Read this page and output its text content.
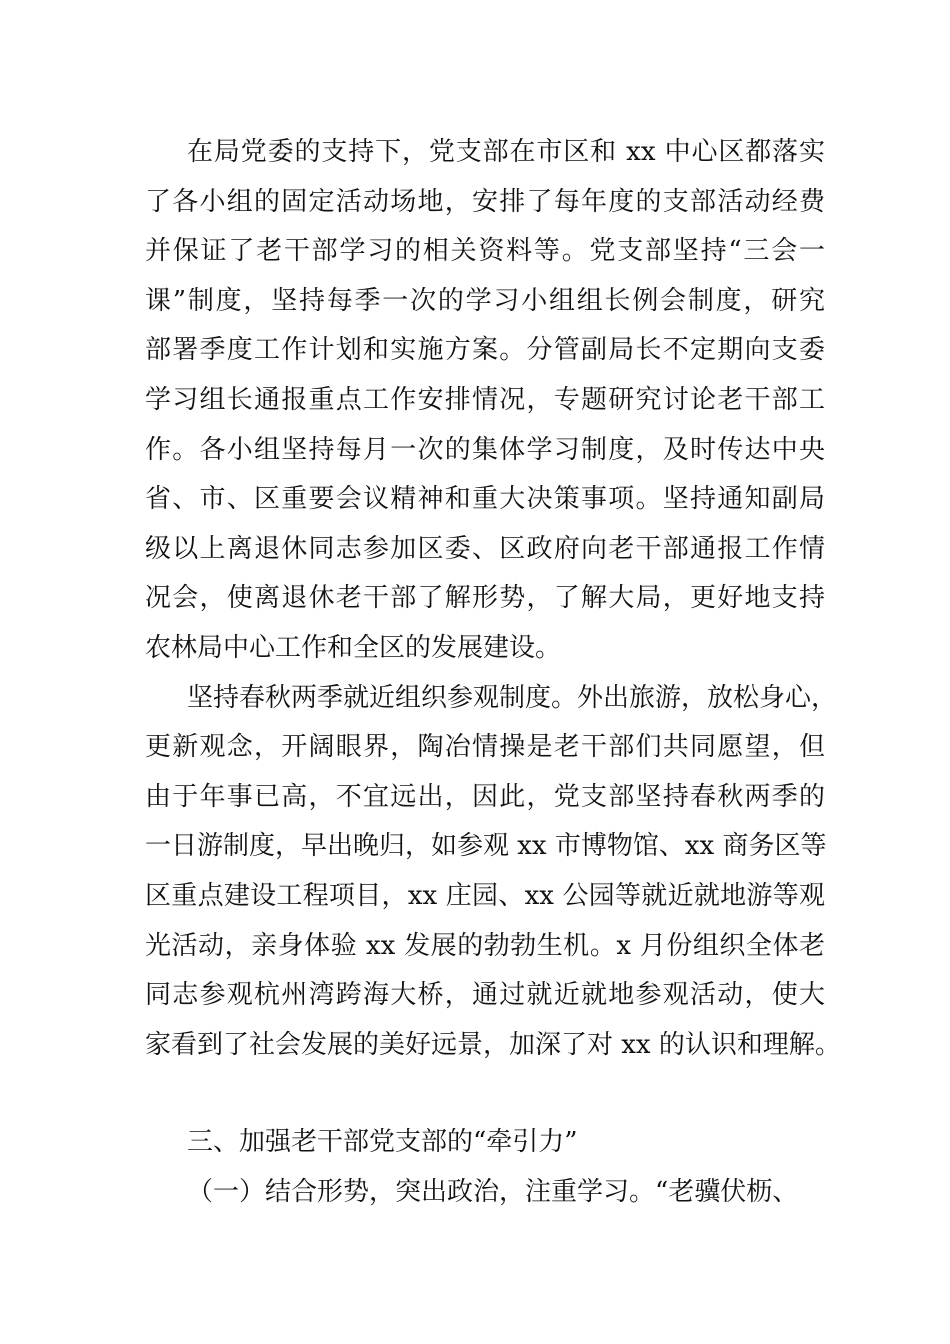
在局党委的支持下，党支部在市区和 xx 中心区都落实
了各小组的固定活动场地，安排了每年度的支部活动经费
并保证了老干部学习的相关资料等。党支部坚持“三会一
课”制度，坚持每季一次的学习小组组长例会制度，研究
部署季度工作计划和实施方案。分管副局长不定期向支委
学习组长通报重点工作安排情况，专题研究讨论老干部工
作。各小组坚持每月一次的集体学习制度，及时传达中央
省、市、区重要会议精神和重大决策事项。坚持通知副局
级以上离退休同志参加区委、区政府向老干部通报工作情
况会，使离退休老干部了解形势，了解大局，更好地支持
农林局中心工作和全区的发展建设。
坚持春秋两季就近组织参观制度。外出旅游，放松身心，
更新观念，开阔眼界，陶冶情操是老干部们共同愿望，但
由于年事已高，不宜远出，因此，党支部坚持春秋两季的
一日游制度，早出晚归，如参观 xx 市博物馆、xx 商务区等
区重点建设工程项目，xx 庄园、xx 公园等就近就地游等观
光活动，亲身体验 xx 发展的勃勃生机。x 月份组织全体老
同志参观杭州湾跨海大桥，通过就近就地参观活动，使大
家看到了社会发展的美好远景，加深了对 xx 的认识和理解。
三、加强老干部党支部的“牵引力”
（一）结合形势，突出政治，注重学习。“老骥伏枥、
